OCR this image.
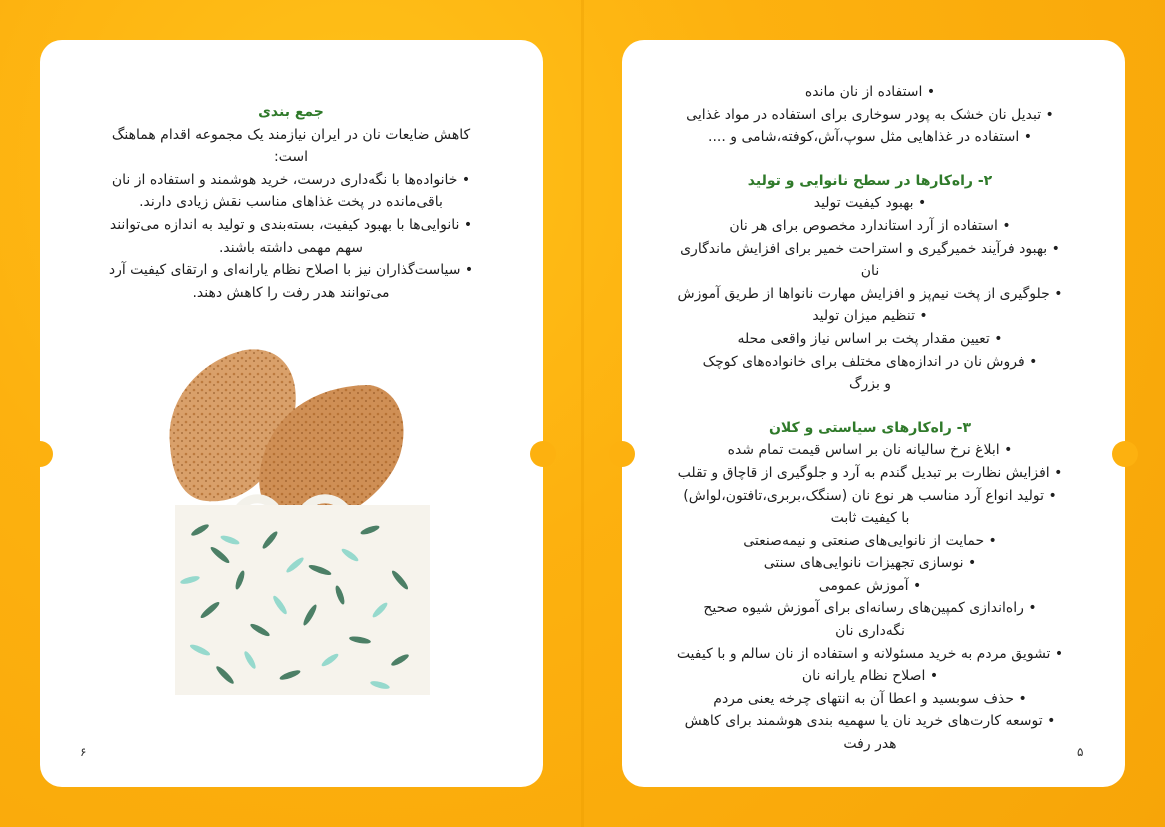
• استفاده از نان مانده

• تبدیل نان خشک به پودر سوخاری برای استفاده در مواد غذایی

• استفاده در غذاهایی مثل سوپ،آش،کوفته،شامی و ....

۲- راه‌کارها در سطح نانوایی و تولید

• بهبود کیفیت تولید

• استفاده از آرد استاندارد مخصوص برای هر نان

• بهبود فرآیند خمیرگیری و استراحت خمیر برای افزایش ماندگاری

نان

• جلوگیری از پخت نیم‌پز و افزایش مهارت نانواها از طریق آموزش

• تنظیم میزان تولید

• تعیین مقدار پخت بر اساس نیاز واقعی محله

• فروش نان در اندازه‌های مختلف برای خانواده‌های کوچک

و بزرگ

۳- راه‌کارهای سیاستی و کلان

• ابلاغ نرخ سالیانه نان بر اساس قیمت تمام شده

• افزایش نظارت بر تبدیل گندم به آرد و جلوگیری از قاچاق و تقلب

• تولید انواع آرد مناسب هر نوع نان (سنگک،بربری،تافتون،لواش)

با کیفیت ثابت

• حمایت از نانوایی‌های صنعتی و نیمه‌صنعتی

• نوسازی تجهیزات نانوایی‌های سنتی

• آموزش عمومی

• راه‌اندازی کمپین‌های رسانه‌ای برای آموزش شیوه صحیح

نگه‌داری نان

• تشویق مردم به خرید مسئولانه و استفاده از نان سالم و با کیفیت

• اصلاح نظام یارانه نان

• حذف سوبسید و اعطا آن به انتهای چرخه یعنی مردم

• توسعه کارت‌های خرید نان یا سهمیه بندی هوشمند برای کاهش

هدر رفت	۵

جمع بندی

کاهش ضایعات نان در ایران نیازمند یک مجموعه اقدام هماهنگ

است:

• خانواده‌ها با نگه‌داری درست، خرید هوشمند و استفاده از نان

باقی‌مانده در پخت غذاهای مناسب نقش زیادی دارند.

• نانوایی‌ها با بهبود کیفیت، بسته‌بندی و تولید به اندازه می‌توانند

سهم مهمی داشته باشند.

• سیاست‌گذاران نیز با اصلاح نظام یارانه‌ای و ارتقای کیفیت آرد

می‌توانند هدر رفت را کاهش دهند.

۶
